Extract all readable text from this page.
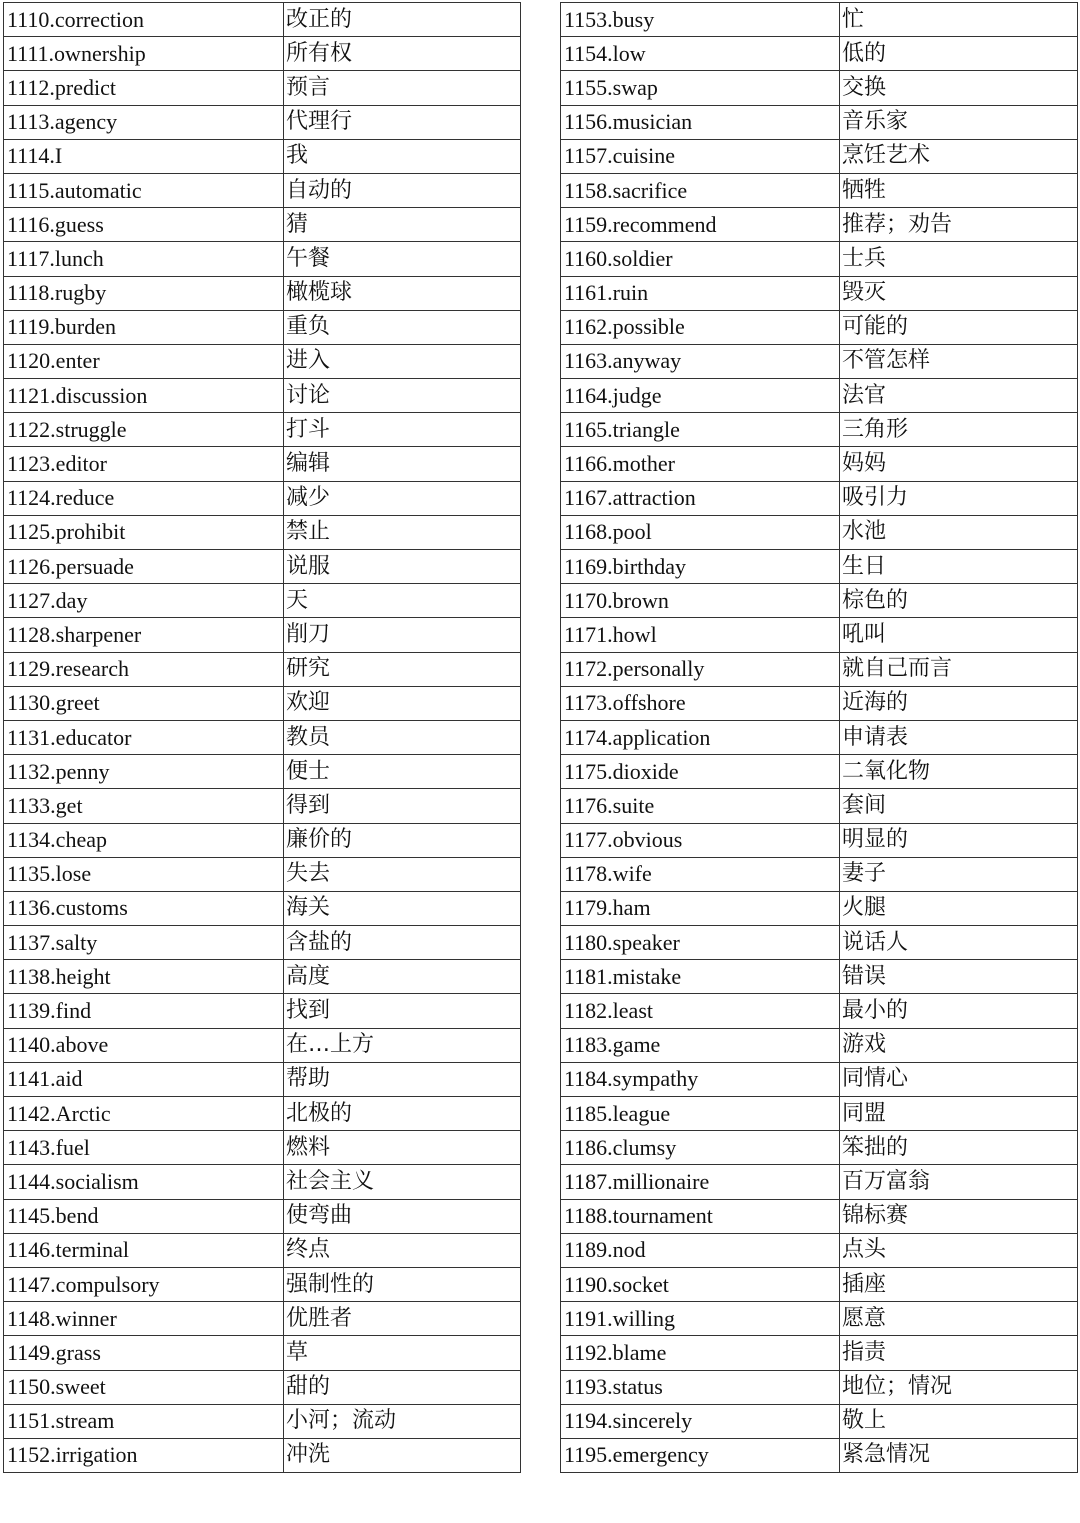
1110.correction	改正的
1111.ownership	所有权
1112.predict	预言
1113.agency	代理行
1114.I	我
1115.automatic	自动的
1116.guess	猜
1117.lunch	午餐
1118.rugby	橄榄球
1119.burden	重负
1120.enter	进入
1121.discussion	讨论
1122.struggle	打斗
1123.editor	编辑
1124.reduce	减少
1125.prohibit	禁止
1126.persuade	说服
1127.day	天
1128.sharpener	削刀
1129.research	研究
1130.greet	欢迎
1131.educator	教员
1132.penny	便士
1133.get	得到
1134.cheap	廉价的
1135.lose	失去
1136.customs	海关
1137.salty	含盐的
1138.height	高度
1139.find	找到
1140.above	在…上方
1141.aid	帮助
1142.Arctic	北极的
1143.fuel	燃料
1144.socialism	社会主义
1145.bend	使弯曲
1146.terminal	终点
1147.compulsory	强制性的
1148.winner	优胜者
1149.grass	草
1150.sweet	甜的
1151.stream	小河；流动
1152.irrigation	冲洗
1153.busy	忙
1154.low	低的
1155.swap	交换
1156.musician	音乐家
1157.cuisine	烹饪艺术
1158.sacrifice	牺牲
1159.recommend	推荐；劝告
1160.soldier	士兵
1161.ruin	毁灭
1162.possible	可能的
1163.anyway	不管怎样
1164.judge	法官
1165.triangle	三角形
1166.mother	妈妈
1167.attraction	吸引力
1168.pool	水池
1169.birthday	生日
1170.brown	棕色的
1171.howl	吼叫
1172.personally	就自己而言
1173.offshore	近海的
1174.application	申请表
1175.dioxide	二氧化物
1176.suite	套间
1177.obvious	明显的
1178.wife	妻子
1179.ham	火腿
1180.speaker	说话人
1181.mistake	错误
1182.least	最小的
1183.game	游戏
1184.sympathy	同情心
1185.league	同盟
1186.clumsy	笨拙的
1187.millionaire	百万富翁
1188.tournament	锦标赛
1189.nod	点头
1190.socket	插座
1191.willing	愿意
1192.blame	指责
1193.status	地位；情况
1194.sincerely	敬上
1195.emergency	紧急情况
